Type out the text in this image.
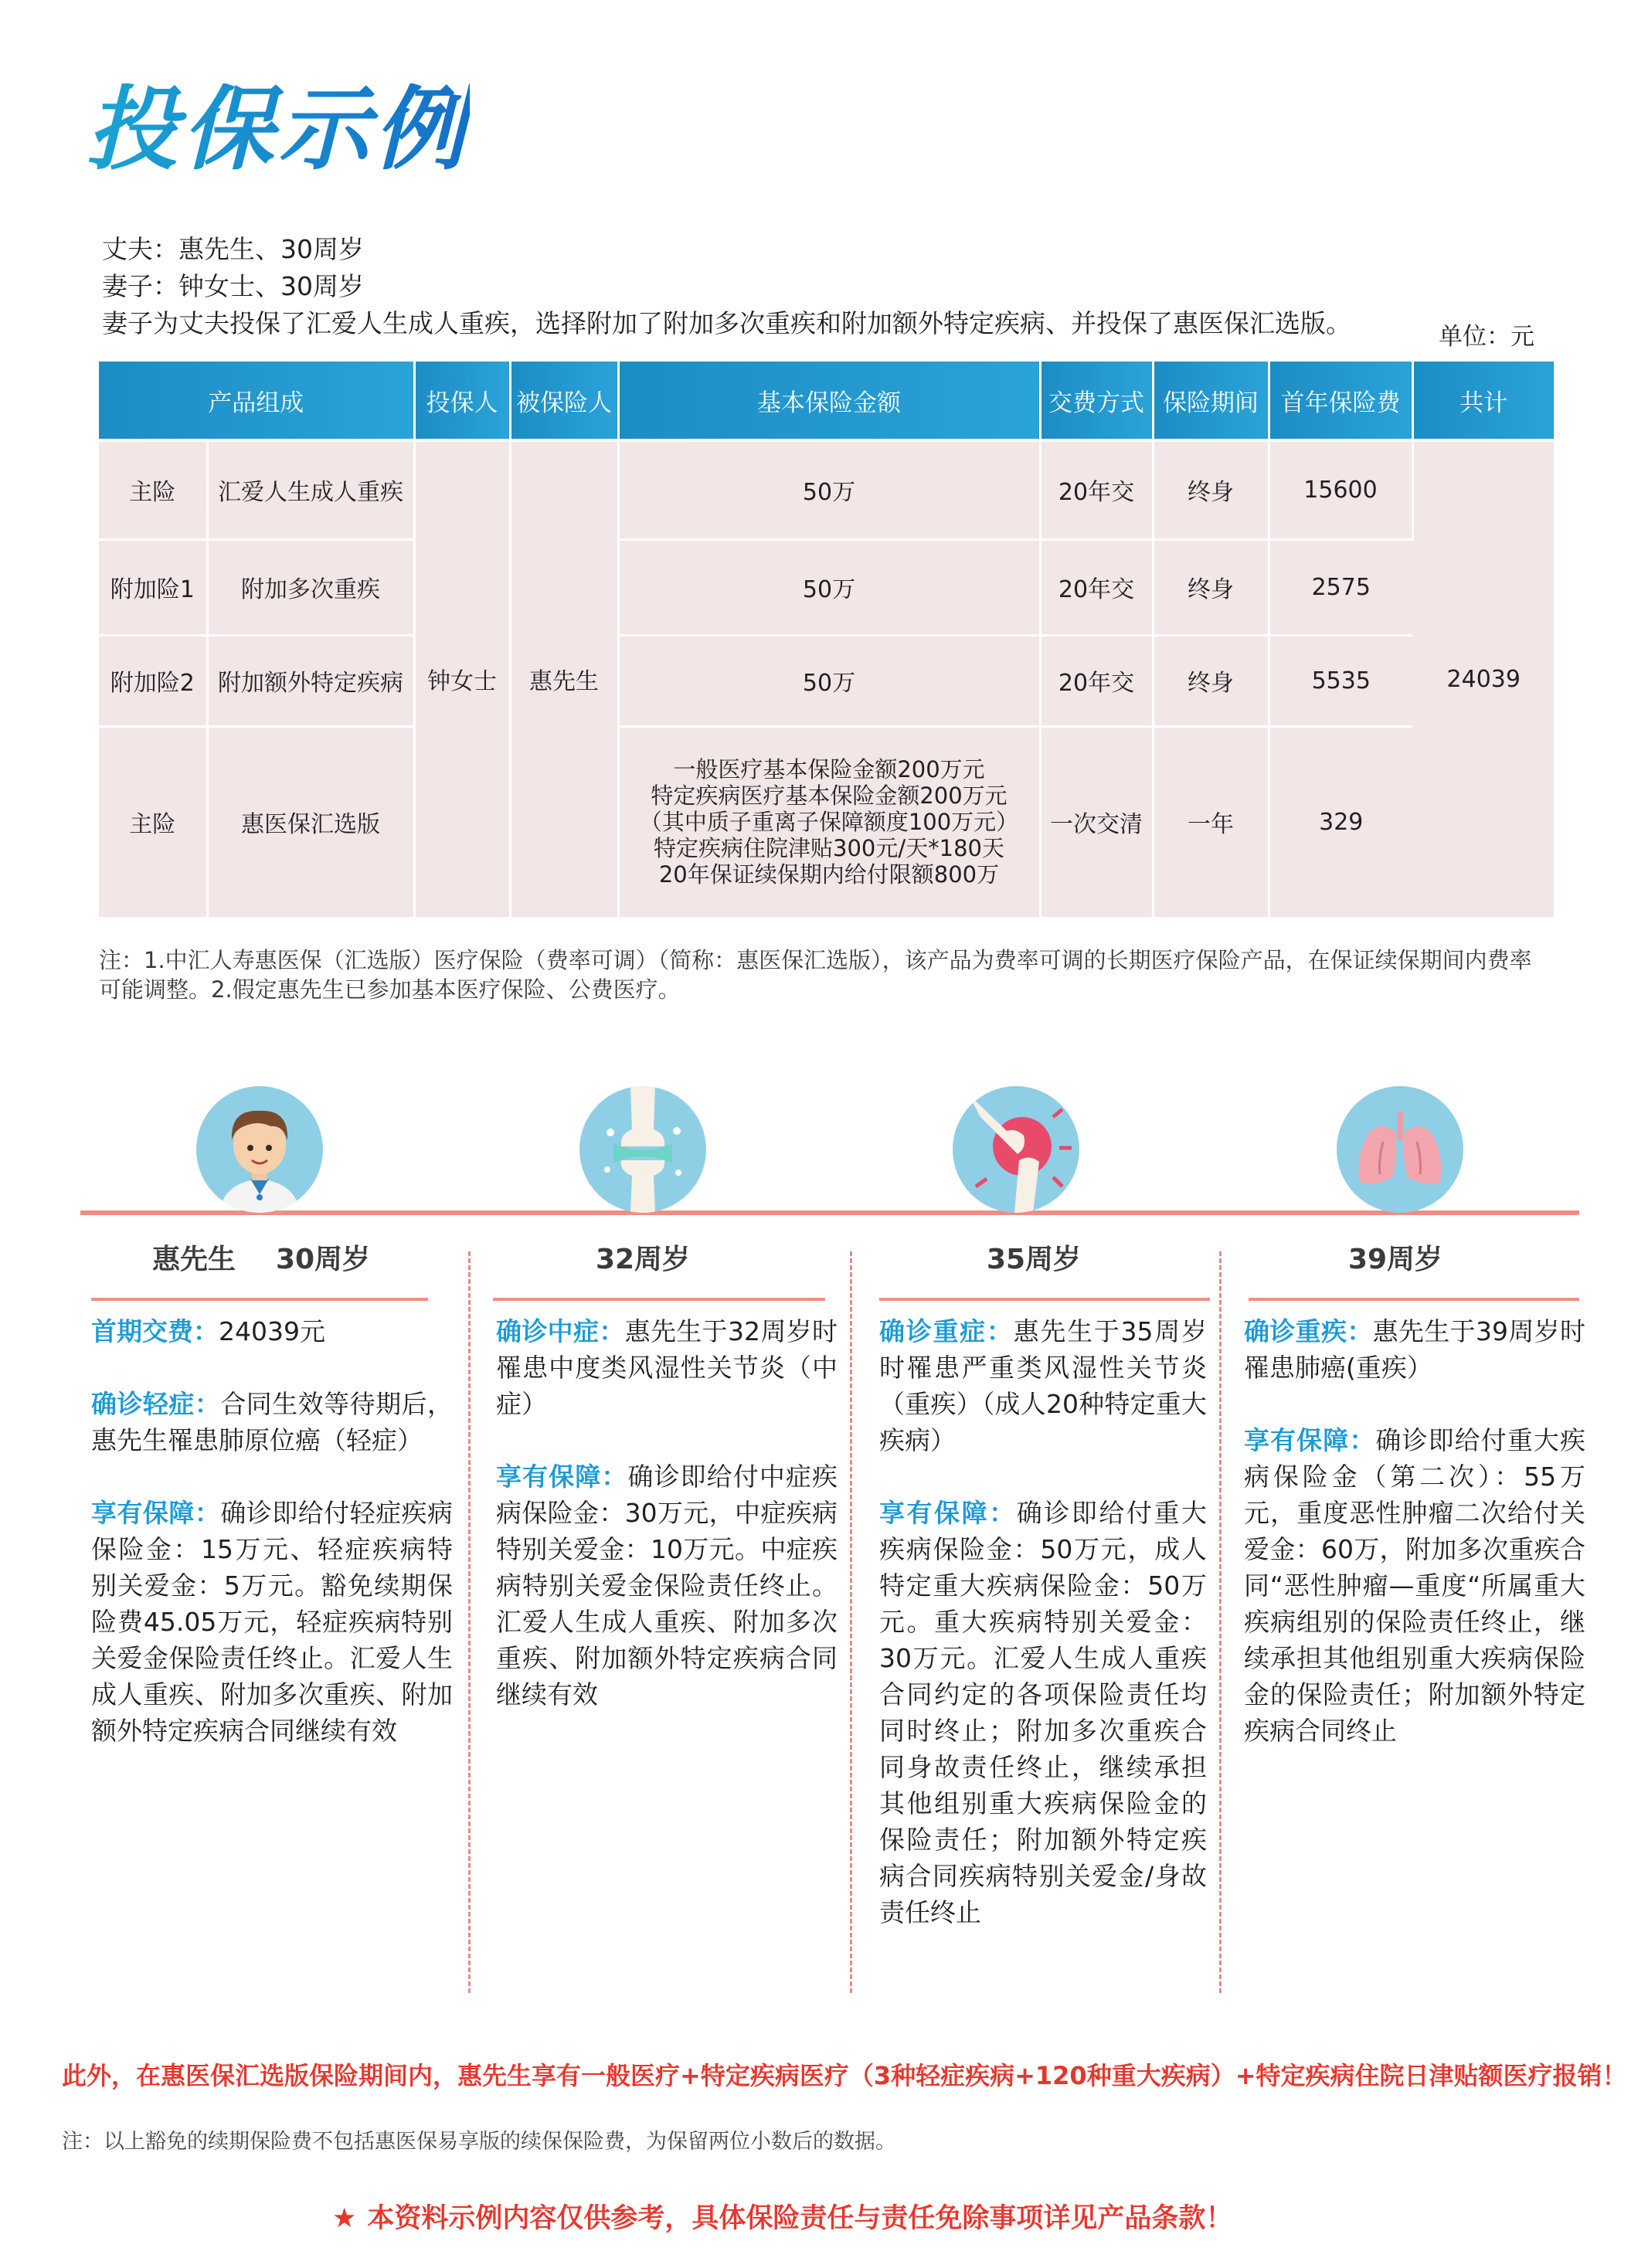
投保示例
丈夫：惠先生、30周岁
妻子：钟女士、30周岁
妻子为丈夫投保了汇爱人生成人重疾，选择附加了附加多次重疾和附加额外特定疾病、并投保了惠医保汇选版。	单位：元
产品组成		投保人	被保险人	基本保险金额	交费方式	保险期间	首年保险费	共计
主险	汇爱人生成人重疾	钟女士	惠先生	50万	20年交	终身	15600	24039
附加险1	附加多次重疾			50万	20年交	终身	2575	
附加险2	附加额外特定疾病			50万	20年交	终身	5535	
主险	惠医保汇选版			一般医疗基本保险金额200万元
特定疾病医疗基本保险金额200万元
（其中质子重离子保障额度100万元）
特定疾病住院津贴300元/天*180天
20年保证续保期内给付限额800万	一次交清	一年	329	
注：1.中汇人寿惠医保（汇选版）医疗保险（费率可调）（简称：惠医保汇选版），该产品为费率可调的长期医疗保险产品，在保证续保期间内费率可能调整。2.假定惠先生已参加基本医疗保险、公费医疗。
惠先生 30周岁	32周岁	35周岁	39周岁

首期交费：24039元

确诊轻症：合同生效等待期后，惠先生罹患肺原位癌（轻症）

享有保障：确诊即给付轻症疾病保险金：15万元、轻症疾病特别关爱金：5万元。豁免续期保险费45.05万元，轻症疾病特别关爱金保险责任终止。汇爱人生成人重疾、附加多次重疾、附加额外特定疾病合同继续有效

确诊中症：惠先生于32周岁时罹患中度类风湿性关节炎（中症）

享有保障：确诊即给付中症疾病保险金：30万元，中症疾病特别关爱金：10万元。中症疾病特别关爱金保险责任终止。汇爱人生成人重疾、附加多次重疾、附加额外特定疾病合同继续有效

确诊重症：惠先生于35周岁时罹患严重类风湿性关节炎（重疾）（成人20种特定重大疾病）

享有保障：确诊即给付重大疾病保险金：50万元，成人特定重大疾病保险金：50万元。重大疾病特别关爱金：30万元。汇爱人生成人重疾合同约定的各项保险责任均同时终止；附加多次重疾合同身故责任终止，继续承担其他组别重大疾病保险金的保险责任；附加额外特定疾病合同疾病特别关爱金/身故责任终止

确诊重疾：惠先生于39周岁时罹患肺癌(重疾）

享有保障：确诊即给付重大疾病保险金（第二次）：55万元，重度恶性肿瘤二次给付关爱金：60万，附加多次重疾合同“恶性肿瘤—重度“所属重大疾病组别的保险责任终止，继续承担其他组别重大疾病保险金的保险责任；附加额外特定疾病合同终止

此外，在惠医保汇选版保险期间内，惠先生享有一般医疗+特定疾病医疗（3种轻症疾病+120种重大疾病）+特定疾病住院日津贴额医疗报销！
注：以上豁免的续期保险费不包括惠医保易享版的续保保险费，为保留两位小数后的数据。
★ 本资料示例内容仅供参考，具体保险责任与责任免除事项详见产品条款！
